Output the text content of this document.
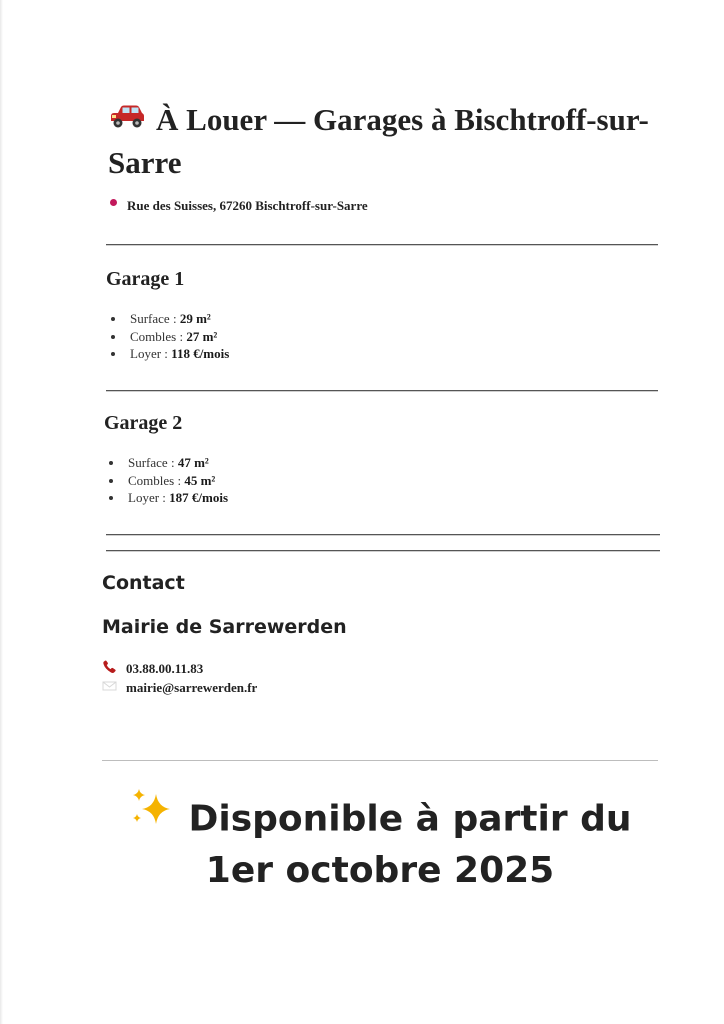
À Louer — Garages à Bischtroff-sur-Sarre
Rue des Suisses, 67260 Bischtroff-sur-Sarre
Garage 1
• Surface : 29 m²
• Combles : 27 m²
• Loyer : 118 €/mois
Garage 2
• Surface : 47 m²
• Combles : 45 m²
• Loyer : 187 €/mois
Contact
Mairie de Sarrewerden
03.88.00.11.83
mairie@sarrewerden.fr

Disponible à partir du 1er octobre 2025
